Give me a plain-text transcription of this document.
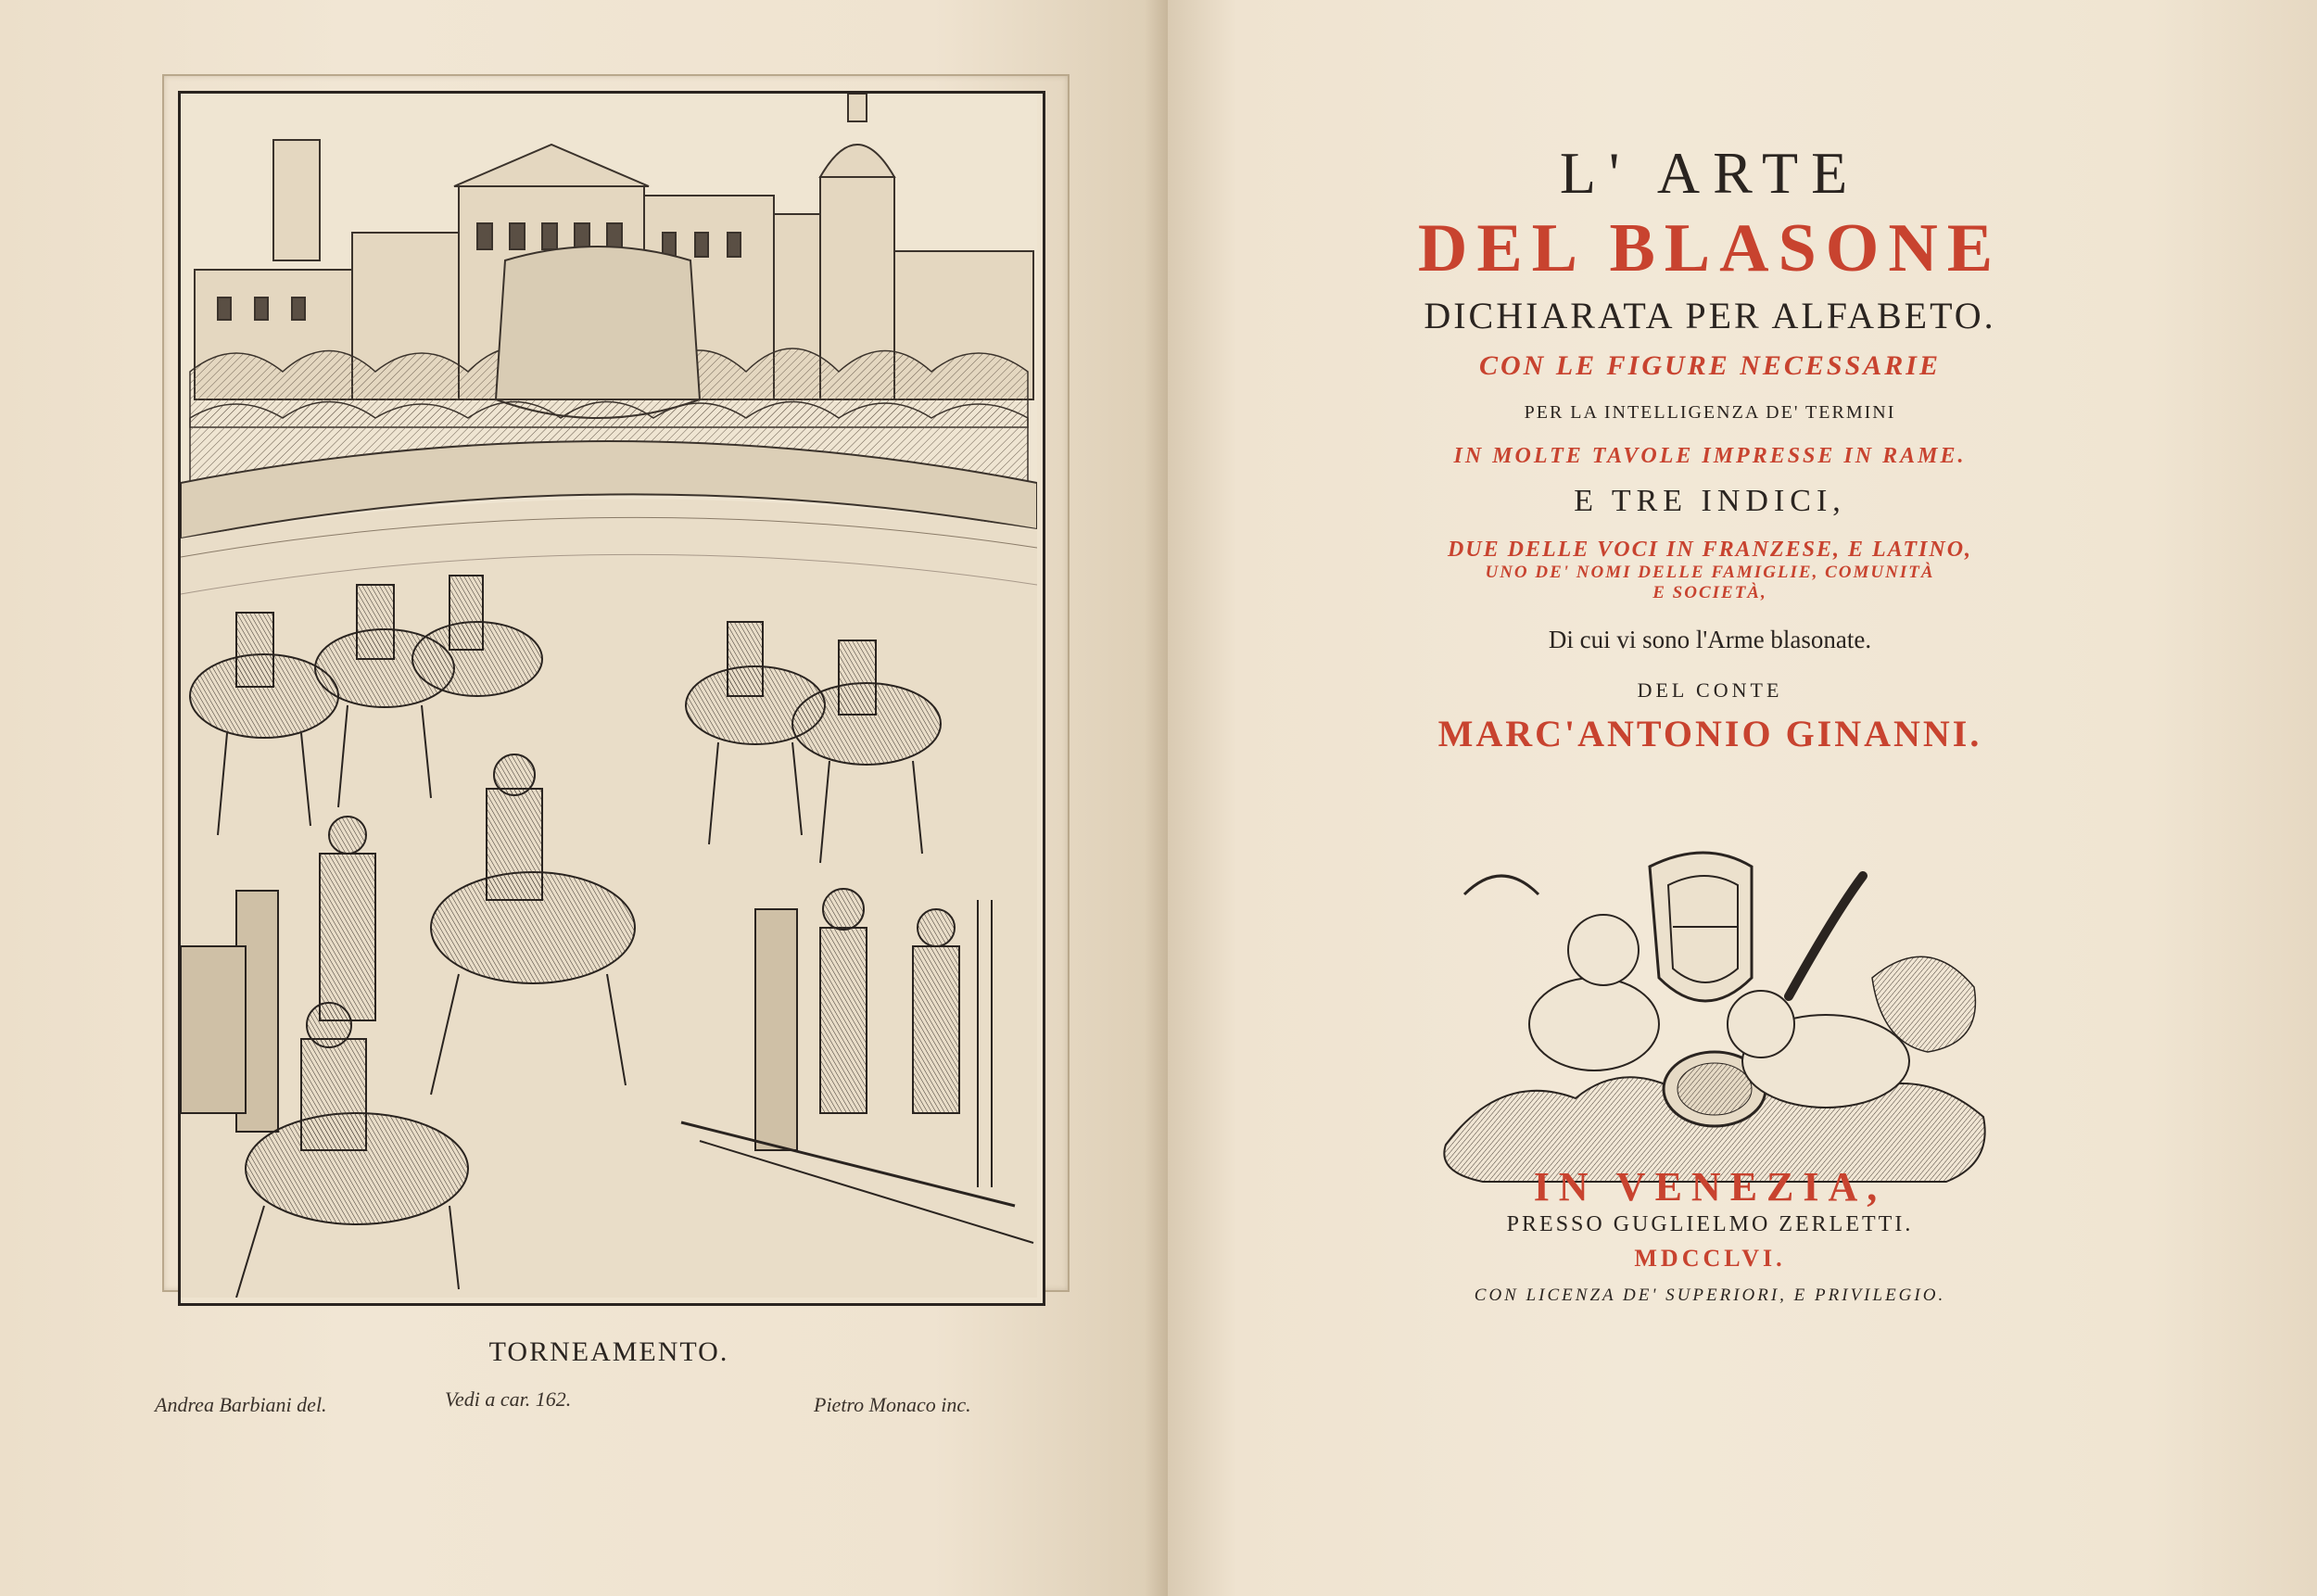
TORNEAMENTO.
Andrea Barbiani del.	Vedi a car. 162.	Pietro Monaco inc.
L' ARTE
DEL BLASONE
DICHIARATA PER ALFABETO.
CON LE FIGURE NECESSARIE
PER LA INTELLIGENZA DE' TERMINI
IN MOLTE TAVOLE IMPRESSE IN RAME.
E TRE INDICI,
DUE DELLE VOCI IN FRANZESE, E LATINO,
UNO DE' NOMI DELLE FAMIGLIE, COMUNITÀ
E SOCIETÀ,
Di cui vi sono l'Arme blasonate.
DEL CONTE
MARC'ANTONIO GINANNI.
IN VENEZIA,
PRESSO GUGLIELMO ZERLETTI.
MDCCLVI.
CON LICENZA DE' SUPERIORI, E PRIVILEGIO.
